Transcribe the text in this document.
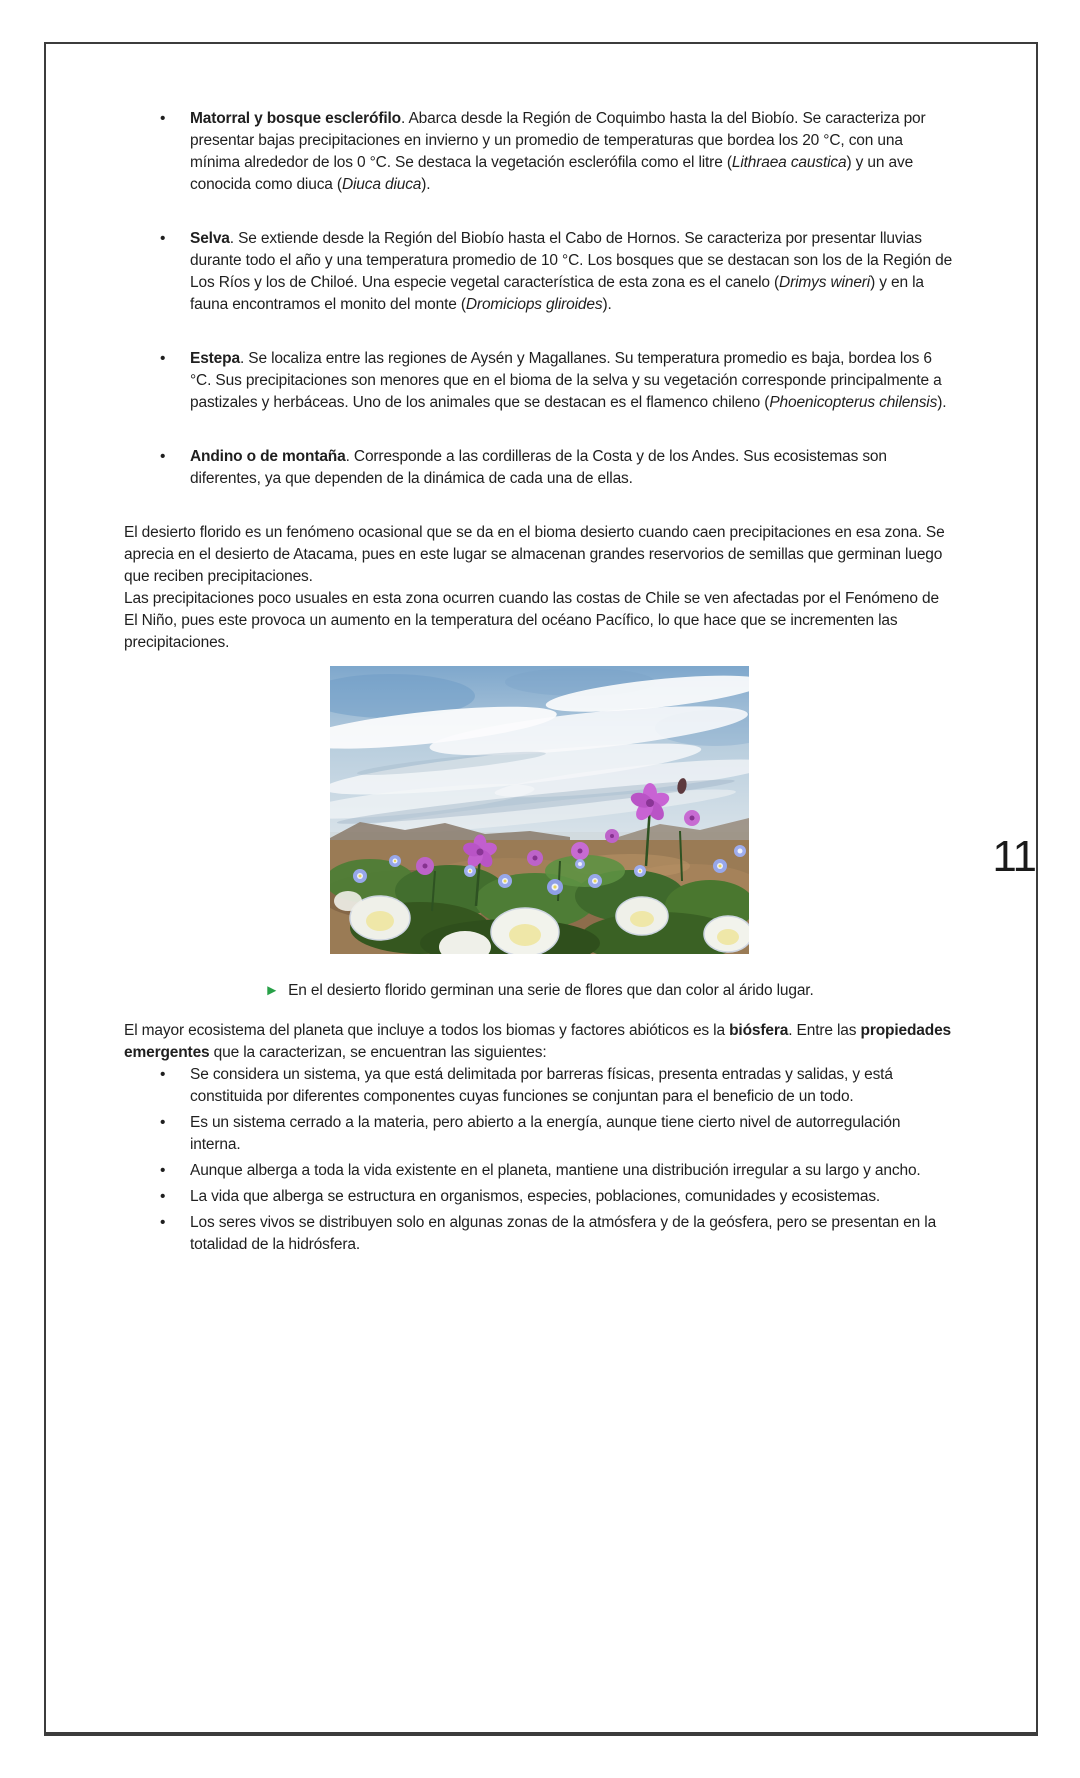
• Matorral y bosque esclerófilo. Abarca desde la Región de Coquimbo hasta la del Biobío. Se caracteriza por presentar bajas precipitaciones en invierno y un promedio de temperaturas que bordea los 20 °C, con una mínima alrededor de los 0 °C. Se destaca la vegetación esclerófila como el litre (Lithraea caustica) y un ave conocida como diuca (Diuca diuca).
• Selva. Se extiende desde la Región del Biobío hasta el Cabo de Hornos. Se caracteriza por presentar lluvias durante todo el año y una temperatura promedio de 10 °C. Los bosques que se destacan son los de la Región de Los Ríos y los de Chiloé. Una especie vegetal característica de esta zona es el canelo (Drimys wineri) y en la fauna encontramos el monito del monte (Dromiciops gliroides).
• Estepa. Se localiza entre las regiones de Aysén y Magallanes. Su temperatura promedio es baja, bordea los 6 °C. Sus precipitaciones son menores que en el bioma de la selva y su vegetación corresponde principalmente a pastizales y herbáceas. Uno de los animales que se destacan es el flamenco chileno (Phoenicopterus chilensis).
• Andino o de montaña. Corresponde a las cordilleras de la Costa y de los Andes. Sus ecosistemas son diferentes, ya que dependen de la dinámica de cada una de ellas.

El desierto florido es un fenómeno ocasional que se da en el bioma desierto cuando caen precipitaciones en esa zona. Se aprecia en el desierto de Atacama, pues en este lugar se almacenan grandes reservorios de semillas que germinan luego que reciben precipitaciones.

Las precipitaciones poco usuales en esta zona ocurren cuando las costas de Chile se ven afectadas por el Fenómeno de El Niño, pues este provoca un aumento en la temperatura del océano Pacífico, lo que hace que se incrementen las precipitaciones.

► En el desierto florido germinan una serie de flores que dan color al árido lugar.

El mayor ecosistema del planeta que incluye a todos los biomas y factores abióticos es la biósfera. Entre las propiedades emergentes que la caracterizan, se encuentran las siguientes:

• Se considera un sistema, ya que está delimitada por barreras físicas, presenta entradas y salidas, y está constituida por diferentes componentes cuyas funciones se conjuntan para el beneficio de un todo.
• Es un sistema cerrado a la materia, pero abierto a la energía, aunque tiene cierto nivel de autorregulación interna.
• Aunque alberga a toda la vida existente en el planeta, mantiene una distribución irregular a su largo y ancho.
• La vida que alberga se estructura en organismos, especies, poblaciones, comunidades y ecosistemas.
• Los seres vivos se distribuyen solo en algunas zonas de la atmósfera y de la geósfera, pero se presentan en la totalidad de la hidrósfera.
11
